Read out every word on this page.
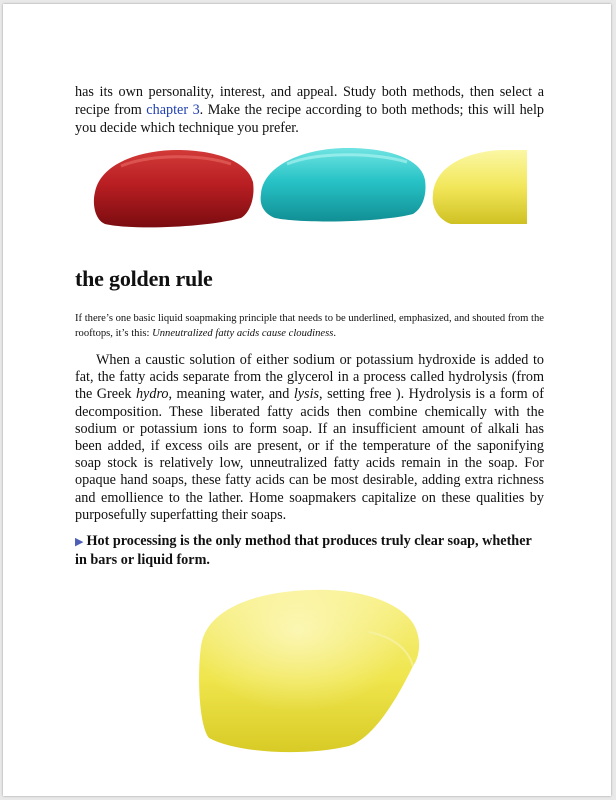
has its own personality, interest, and appeal. Study both methods, then select a recipe from chapter 3. Make the recipe according to both methods; this will help you decide which technique you prefer.

the golden rule

If there’s one basic liquid soapmaking principle that needs to be underlined, emphasized, and shouted from the rooftops, it’s this: Unneutralized fatty acids cause cloudiness.

When a caustic solution of either sodium or potassium hydroxide is added to fat, the fatty acids separate from the glycerol in a process called hydrolysis (from the Greek hydro, meaning water, and lysis, setting free ). Hydrolysis is a form of decomposition. These liberated fatty acids then combine chemically with the sodium or potassium ions to form soap. If an insufficient amount of alkali has been added, if excess oils are present, or if the temperature of the saponifying soap stock is relatively low, unneutralized fatty acids remain in the soap. For opaque hand soaps, these fatty acids can be most desirable, adding extra richness and emollience to the lather. Home soapmakers capitalize on these qualities by purposefully superfatting their soaps.

▶ Hot processing is the only method that produces truly clear soap, whether in bars or liquid form.
